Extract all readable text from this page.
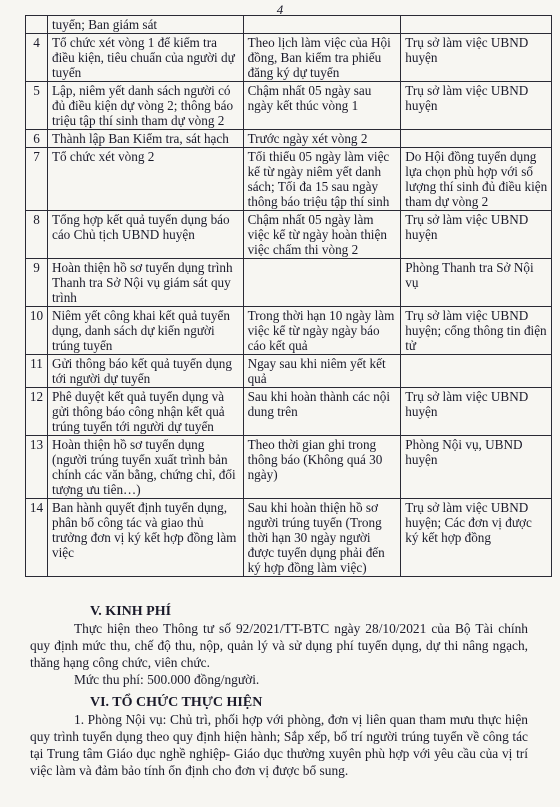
4
	tuyển; Ban giám sát		
4	Tổ chức xét vòng 1 để kiểm tra điều kiện, tiêu chuẩn của người dự tuyển	Theo lịch làm việc của Hội đồng, Ban kiểm tra phiếu đăng ký dự tuyển	Trụ sở làm việc UBND huyện
5	Lập, niêm yết danh sách người có đủ điều kiện dự vòng 2; thông báo triệu tập thí sinh tham dự vòng 2	Chậm nhất 05 ngày sau ngày kết thúc vòng 1	Trụ sở làm việc UBND huyện
6	Thành lập Ban Kiểm tra, sát hạch	Trước ngày xét vòng 2	
7	Tổ chức xét vòng 2	Tối thiểu 05 ngày làm việc kể từ ngày niêm yết danh sách; Tối đa 15 sau ngày thông báo triệu tập thí sinh	Do Hội đồng tuyển dụng lựa chọn phù hợp với số lượng thí sinh đủ điều kiện tham dự vòng 2
8	Tổng hợp kết quả tuyển dụng báo cáo Chủ tịch UBND huyện	Chậm nhất 05 ngày làm việc kể từ ngày hoàn thiện việc chấm thi vòng 2	Trụ sở làm việc UBND huyện
9	Hoàn thiện hồ sơ tuyển dụng trình Thanh tra Sở Nội vụ giám sát quy trình		Phòng Thanh tra Sở Nội vụ
10	Niêm yết công khai kết quả tuyển dụng, danh sách dự kiến người trúng tuyển	Trong thời hạn 10 ngày làm việc kể từ ngày ngày báo cáo kết quả	Trụ sở làm việc UBND huyện; cổng thông tin điện tử
11	Gửi thông báo kết quả tuyển dụng tới người dự tuyển	Ngay sau khi niêm yết kết quả	
12	Phê duyệt kết quả tuyển dụng và gửi thông báo công nhận kết quả trúng tuyển tới người dự tuyển	Sau khi hoàn thành các nội dung trên	Trụ sở làm việc UBND huyện
13	Hoàn thiện hồ sơ tuyển dụng (người trúng tuyển xuất trình bản chính các văn bằng, chứng chỉ, đối tượng ưu tiên…)	Theo thời gian ghi trong thông báo (Không quá 30 ngày)	Phòng Nội vụ, UBND huyện
14	Ban hành quyết định tuyển dụng, phân bổ công tác và giao thủ trưởng đơn vị ký kết hợp đồng làm việc	Sau khi hoàn thiện hồ sơ người trúng tuyển (Trong thời hạn 30 ngày người được tuyển dụng phải đến ký hợp đồng làm việc)	Trụ sở làm việc UBND huyện; Các đơn vị được ký kết hợp đồng

V. KINH PHÍ

Thực hiện theo Thông tư số 92/2021/TT-BTC ngày 28/10/2021 của Bộ Tài chính quy định mức thu, chế độ thu, nộp, quản lý và sử dụng phí tuyển dụng, dự thi nâng ngạch, thăng hạng công chức, viên chức.

Mức thu phí: 500.000 đồng/người.

VI. TỔ CHỨC THỰC HIỆN

1. Phòng Nội vụ: Chủ trì, phối hợp với phòng, đơn vị liên quan tham mưu thực hiện quy trình tuyển dụng theo quy định hiện hành; Sắp xếp, bố trí người trúng tuyển về công tác tại Trung tâm Giáo dục nghề nghiệp- Giáo dục thường xuyên phù hợp với yêu cầu của vị trí việc làm và đảm bảo tính ổn định cho đơn vị được bổ sung.
